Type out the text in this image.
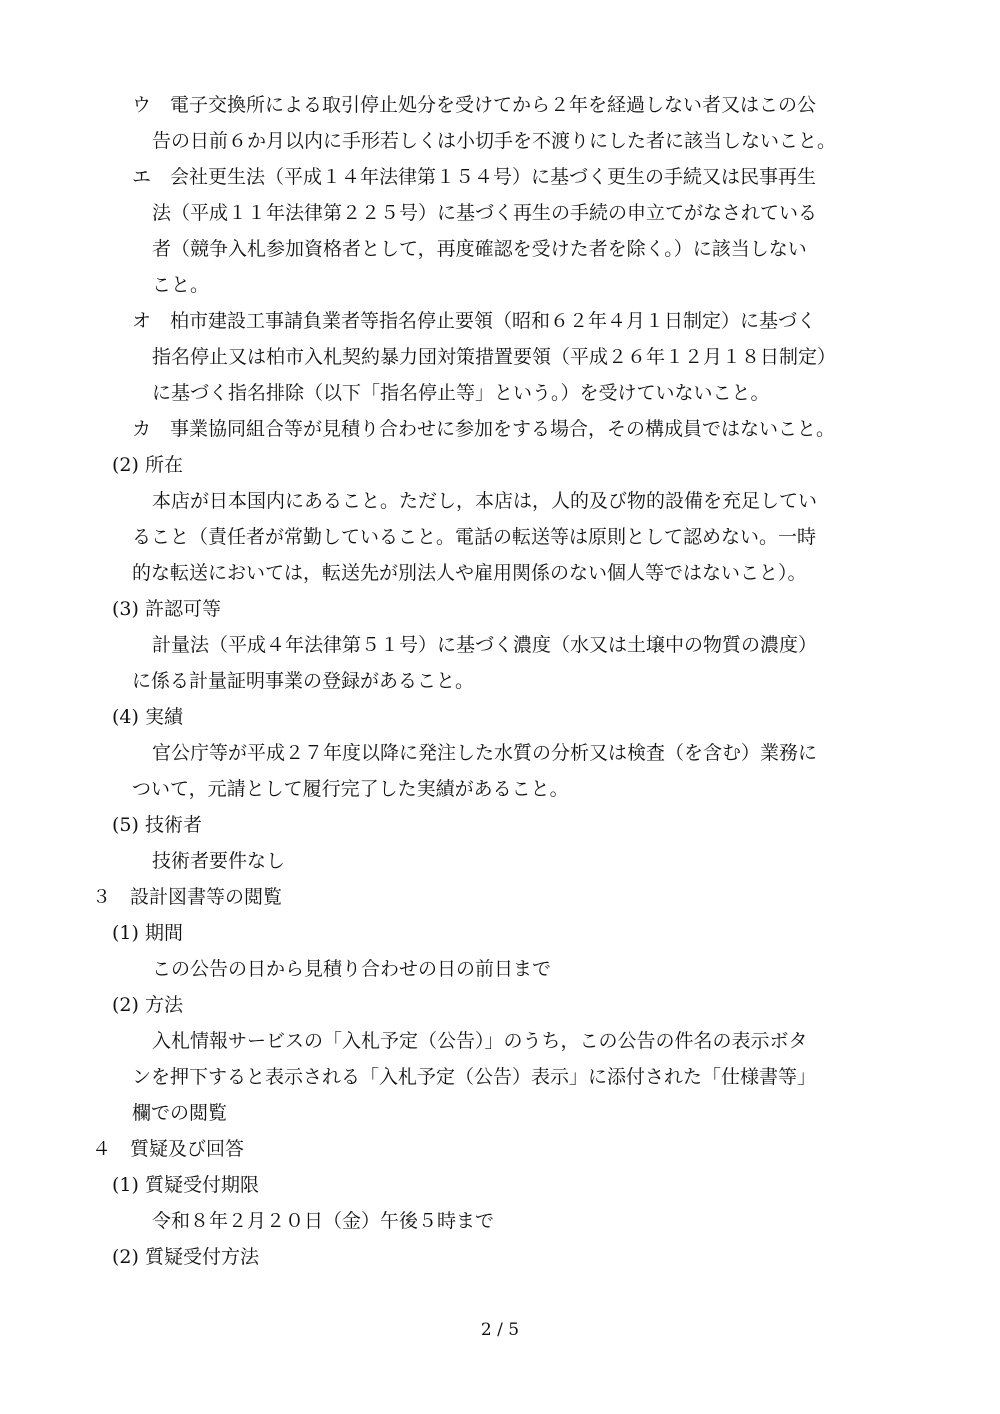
ウ　電子交換所による取引停止処分を受けてから２年を経過しない者又はこの公
告の日前６か月以内に手形若しくは小切手を不渡りにした者に該当しないこと。
エ　会社更生法（平成１４年法律第１５４号）に基づく更生の手続又は民事再生
法（平成１１年法律第２２５号）に基づく再生の手続の申立てがなされている
者（競争入札参加資格者として，再度確認を受けた者を除く。）に該当しない
こと。
オ　柏市建設工事請負業者等指名停止要領（昭和６２年４月１日制定）に基づく
指名停止又は柏市入札契約暴力団対策措置要領（平成２６年１２月１８日制定）
に基づく指名排除（以下「指名停止等」という。）を受けていないこと。
カ　事業協同組合等が見積り合わせに参加をする場合，その構成員ではないこと。
(2) 所在
本店が日本国内にあること。ただし，本店は，人的及び物的設備を充足してい
ること（責任者が常勤していること。電話の転送等は原則として認めない。一時
的な転送においては，転送先が別法人や雇用関係のない個人等ではないこと）。
(3) 許認可等
計量法（平成４年法律第５１号）に基づく濃度（水又は土壌中の物質の濃度）
に係る計量証明事業の登録があること。
(4) 実績
官公庁等が平成２７年度以降に発注した水質の分析又は検査（を含む）業務に
ついて，元請として履行完了した実績があること。
(5) 技術者
技術者要件なし
３　設計図書等の閲覧
(1) 期間
この公告の日から見積り合わせの日の前日まで
(2) 方法
入札情報サービスの「入札予定（公告）」のうち，この公告の件名の表示ボタ
ンを押下すると表示される「入札予定（公告）表示」に添付された「仕様書等」
欄での閲覧
４　質疑及び回答
(1) 質疑受付期限
令和８年２月２０日（金）午後５時まで
(2) 質疑受付方法
2 / 5
